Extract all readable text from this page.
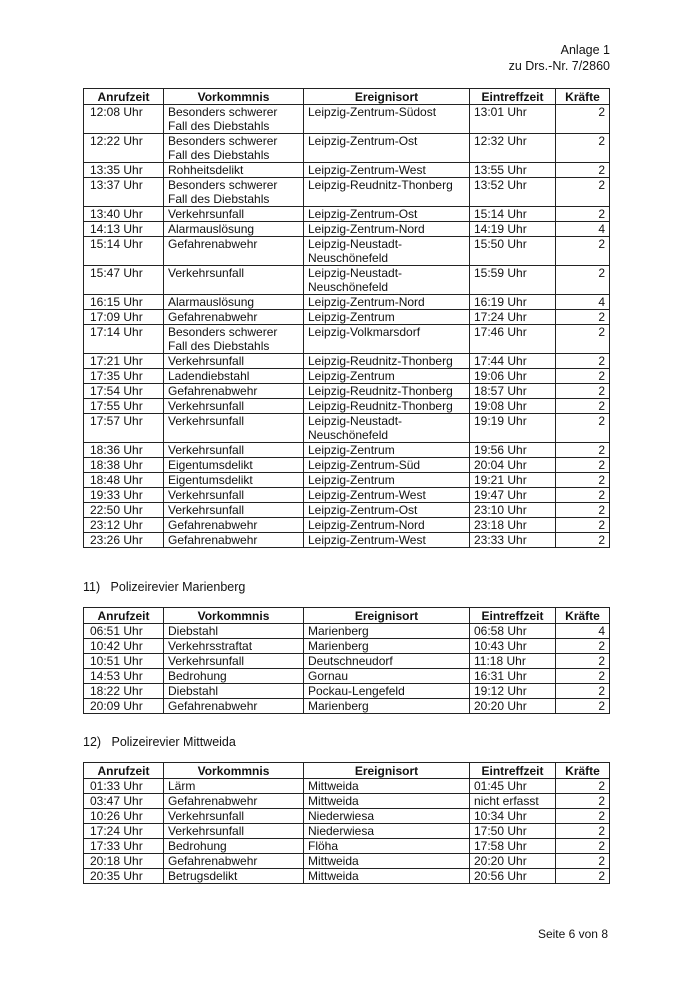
Anlage 1
zu Drs.-Nr. 7/2860
Anrufzeit	Vorkommnis	Ereignisort	Eintreffzeit	Kräfte
12:08 Uhr	Besonders schwerer Fall des Diebstahls	Leipzig-Zentrum-Südost	13:01 Uhr	2
12:22 Uhr	Besonders schwerer Fall des Diebstahls	Leipzig-Zentrum-Ost	12:32 Uhr	2
13:35 Uhr	Rohheitsdelikt	Leipzig-Zentrum-West	13:55 Uhr	2
13:37 Uhr	Besonders schwerer Fall des Diebstahls	Leipzig-Reudnitz-Thonberg	13:52 Uhr	2
13:40 Uhr	Verkehrsunfall	Leipzig-Zentrum-Ost	15:14 Uhr	2
14:13 Uhr	Alarmauslösung	Leipzig-Zentrum-Nord	14:19 Uhr	4
15:14 Uhr	Gefahrenabwehr	Leipzig-Neustadt-Neuschönefeld	15:50 Uhr	2
15:47 Uhr	Verkehrsunfall	Leipzig-Neustadt-Neuschönefeld	15:59 Uhr	2
16:15 Uhr	Alarmauslösung	Leipzig-Zentrum-Nord	16:19 Uhr	4
17:09 Uhr	Gefahrenabwehr	Leipzig-Zentrum	17:24 Uhr	2
17:14 Uhr	Besonders schwerer Fall des Diebstahls	Leipzig-Volkmarsdorf	17:46 Uhr	2
17:21 Uhr	Verkehrsunfall	Leipzig-Reudnitz-Thonberg	17:44 Uhr	2
17:35 Uhr	Ladendiebstahl	Leipzig-Zentrum	19:06 Uhr	2
17:54 Uhr	Gefahrenabwehr	Leipzig-Reudnitz-Thonberg	18:57 Uhr	2
17:55 Uhr	Verkehrsunfall	Leipzig-Reudnitz-Thonberg	19:08 Uhr	2
17:57 Uhr	Verkehrsunfall	Leipzig-Neustadt-Neuschönefeld	19:19 Uhr	2
18:36 Uhr	Verkehrsunfall	Leipzig-Zentrum	19:56 Uhr	2
18:38 Uhr	Eigentumsdelikt	Leipzig-Zentrum-Süd	20:04 Uhr	2
18:48 Uhr	Eigentumsdelikt	Leipzig-Zentrum	19:21 Uhr	2
19:33 Uhr	Verkehrsunfall	Leipzig-Zentrum-West	19:47 Uhr	2
22:50 Uhr	Verkehrsunfall	Leipzig-Zentrum-Ost	23:10 Uhr	2
23:12 Uhr	Gefahrenabwehr	Leipzig-Zentrum-Nord	23:18 Uhr	2
23:26 Uhr	Gefahrenabwehr	Leipzig-Zentrum-West	23:33 Uhr	2
11)   Polizeirevier Marienberg
Anrufzeit	Vorkommnis	Ereignisort	Eintreffzeit	Kräfte
06:51 Uhr	Diebstahl	Marienberg	06:58 Uhr	4
10:42 Uhr	Verkehrsstraftat	Marienberg	10:43 Uhr	2
10:51 Uhr	Verkehrsunfall	Deutschneudorf	11:18 Uhr	2
14:53 Uhr	Bedrohung	Gornau	16:31 Uhr	2
18:22 Uhr	Diebstahl	Pockau-Lengefeld	19:12 Uhr	2
20:09 Uhr	Gefahrenabwehr	Marienberg	20:20 Uhr	2
12)   Polizeirevier Mittweida
Anrufzeit	Vorkommnis	Ereignisort	Eintreffzeit	Kräfte
01:33 Uhr	Lärm	Mittweida	01:45 Uhr	2
03:47 Uhr	Gefahrenabwehr	Mittweida	nicht erfasst	2
10:26 Uhr	Verkehrsunfall	Niederwiesa	10:34 Uhr	2
17:24 Uhr	Verkehrsunfall	Niederwiesa	17:50 Uhr	2
17:33 Uhr	Bedrohung	Flöha	17:58 Uhr	2
20:18 Uhr	Gefahrenabwehr	Mittweida	20:20 Uhr	2
20:35 Uhr	Betrugsdelikt	Mittweida	20:56 Uhr	2
Seite 6 von 8
